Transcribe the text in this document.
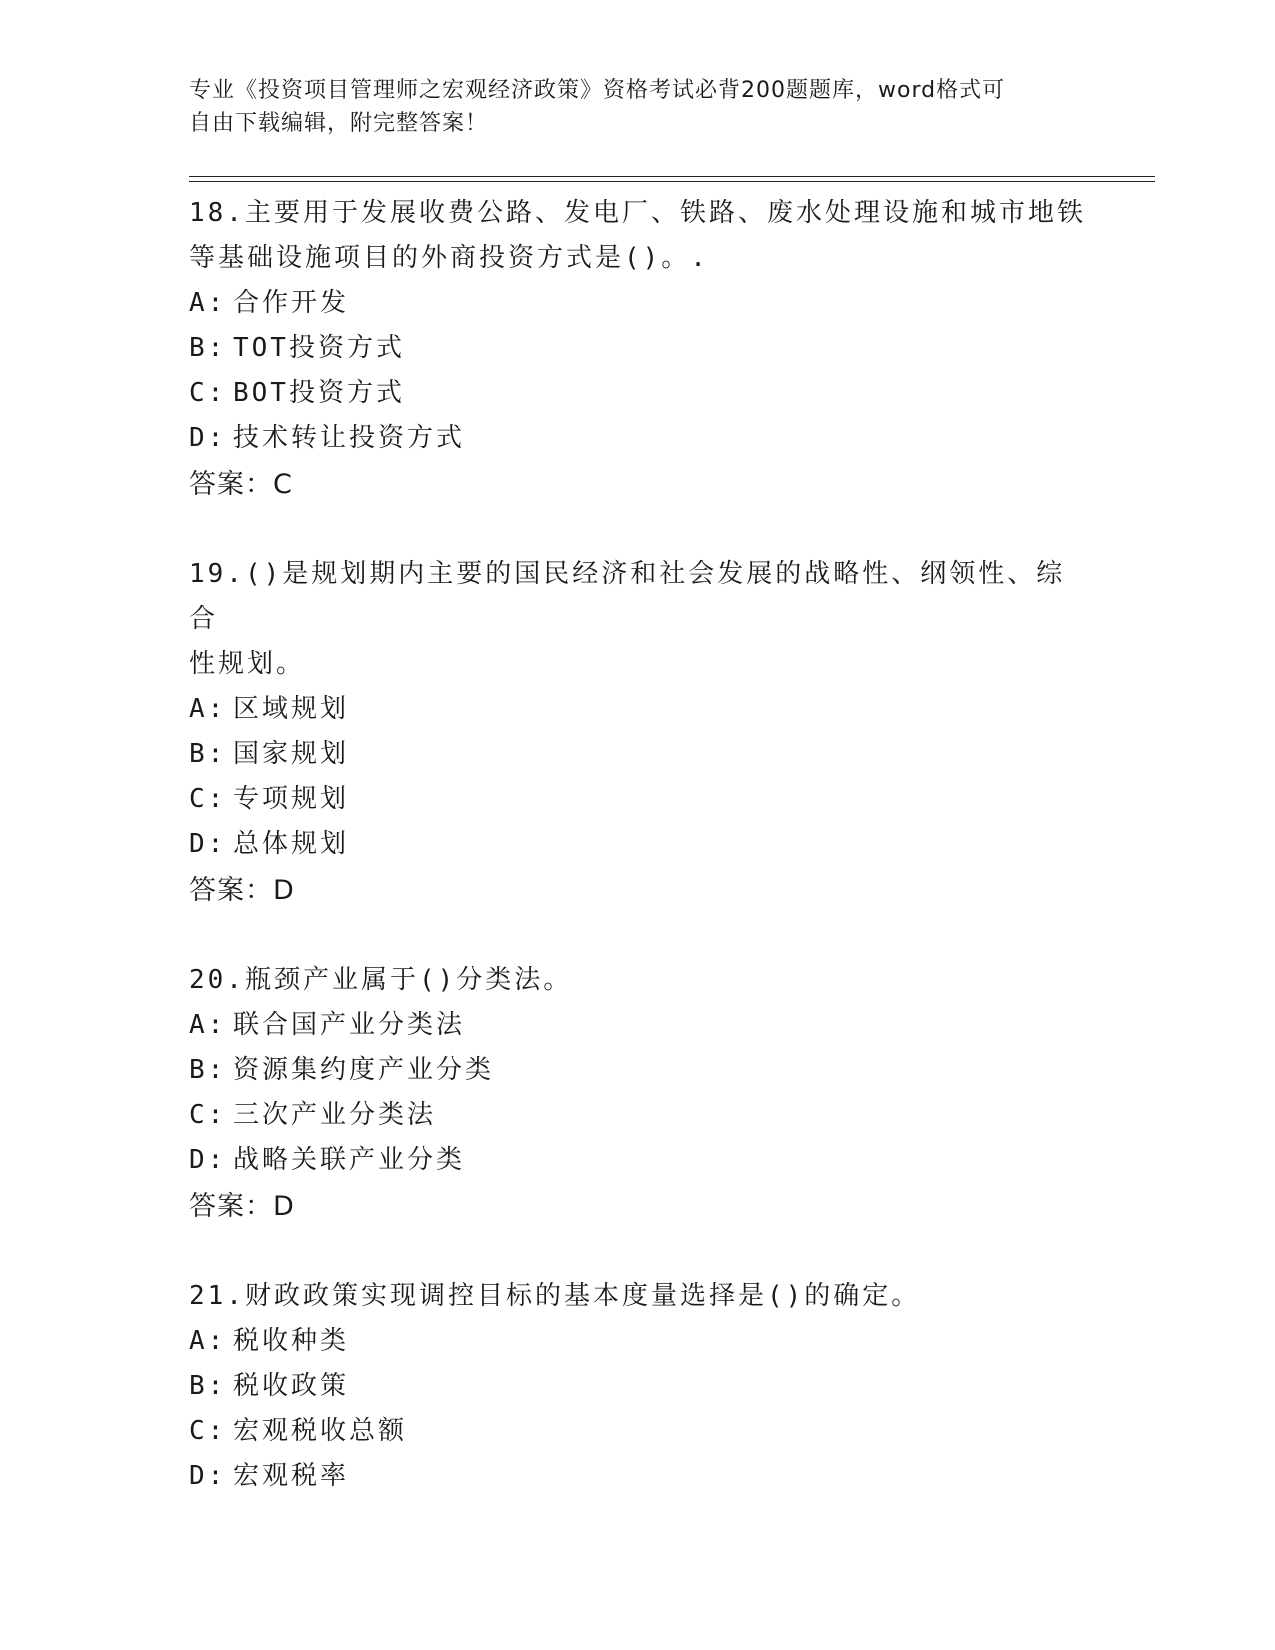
专业《投资项目管理师之宏观经济政策》资格考试必背200题题库，word格式可
自由下载编辑，附完整答案！
18.主要用于发展收费公路、发电厂、铁路、废水处理设施和城市地铁
等基础设施项目的外商投资方式是()。.
A: 合作开发
B: TOT投资方式
C: BOT投资方式
D: 技术转让投资方式
答案：C
19.()是规划期内主要的国民经济和社会发展的战略性、纲领性、综合
性规划。
A: 区域规划
B: 国家规划
C: 专项规划
D: 总体规划
答案：D
20.瓶颈产业属于()分类法。
A: 联合国产业分类法
B: 资源集约度产业分类
C: 三次产业分类法
D: 战略关联产业分类
答案：D
21.财政政策实现调控目标的基本度量选择是()的确定。
A: 税收种类
B: 税收政策
C: 宏观税收总额
D: 宏观税率
